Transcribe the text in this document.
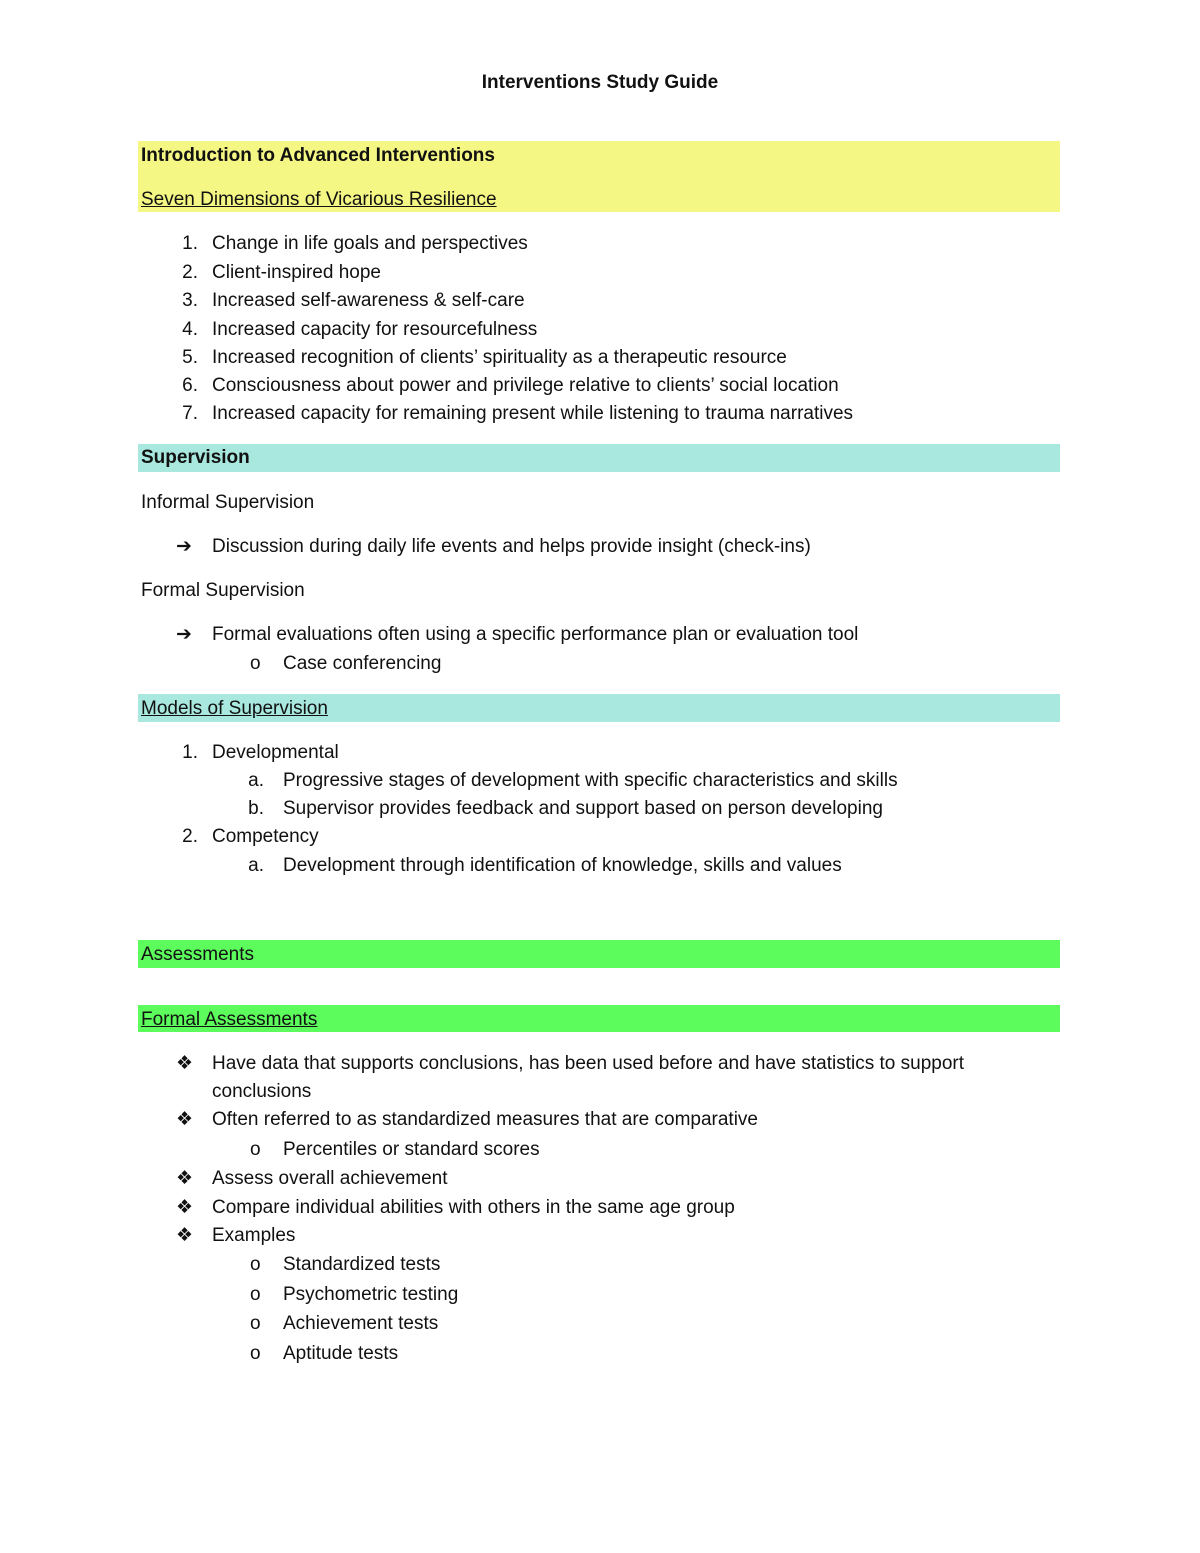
Interventions Study Guide
Introduction to Advanced Interventions
Seven Dimensions of Vicarious Resilience
1. Change in life goals and perspectives
2. Client-inspired hope
3. Increased self-awareness & self-care
4. Increased capacity for resourcefulness
5. Increased recognition of clients’ spirituality as a therapeutic resource
6. Consciousness about power and privilege relative to clients’ social location
7. Increased capacity for remaining present while listening to trauma narratives
Supervision
Informal Supervision
➔	Discussion during daily life events and helps provide insight (check-ins)
Formal Supervision
➔	Formal evaluations often using a specific performance plan or evaluation tool
o Case conferencing
Models of Supervision
1. Developmental
a. Progressive stages of development with specific characteristics and skills
b. Supervisor provides feedback and support based on person developing
2. Competency
a. Development through identification of knowledge, skills and values
Assessments
Formal Assessments
❖ Have data that supports conclusions, has been used before and have statistics to support
conclusions
❖ Often referred to as standardized measures that are comparative
o Percentiles or standard scores
❖ Assess overall achievement
❖ Compare individual abilities with others in the same age group
❖ Examples
o Standardized tests
o Psychometric testing
o Achievement tests
o Aptitude tests
